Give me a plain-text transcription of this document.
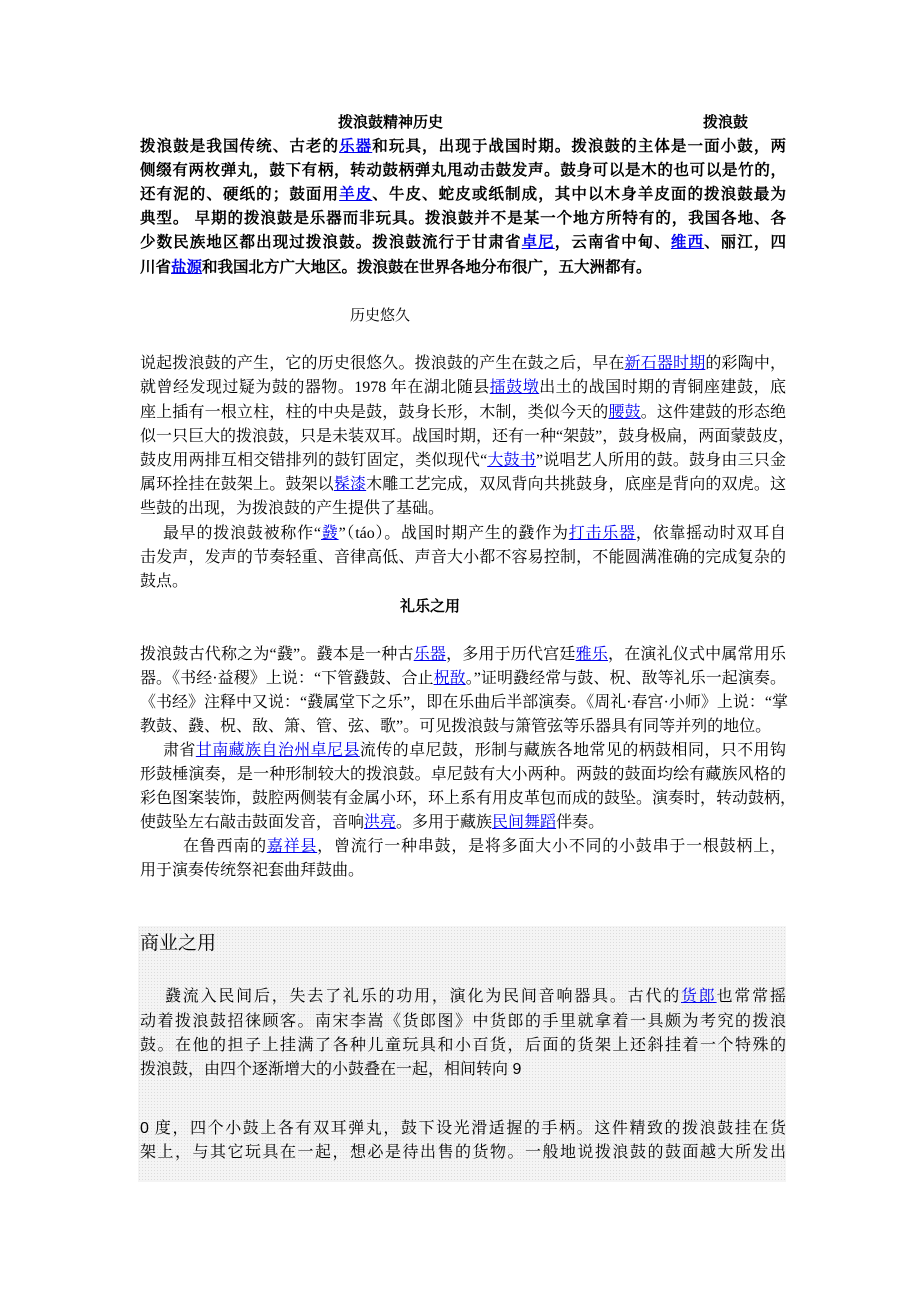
拨浪鼓精神历史	拨浪鼓
历史悠久
礼乐之用
商业之用
拨浪鼓是我国传统、古老的乐器和玩具，出现于战国时期。拨浪鼓的主体是一面小鼓，两
侧缀有两枚弹丸，鼓下有柄，转动鼓柄弹丸甩动击鼓发声。鼓身可以是木的也可以是竹的，
还有泥的、硬纸的；鼓面用羊皮、牛皮、蛇皮或纸制成，其中以木身羊皮面的拨浪鼓最为
典型。 早期的拨浪鼓是乐器而非玩具。拨浪鼓并不是某一个地方所特有的，我国各地、各
少数民族地区都出现过拨浪鼓。拨浪鼓流行于甘肃省卓尼，云南省中甸、维西、丽江，四
川省盐源和我国北方广大地区。拨浪鼓在世界各地分布很广，五大洲都有。
说起拨浪鼓的产生，它的历史很悠久。拨浪鼓的产生在鼓之后，早在新石器时期的彩陶中，
就曾经发现过疑为鼓的器物。1978 年在湖北随县擂鼓墩出土的战国时期的青铜座建鼓，底
座上插有一根立柱，柱的中央是鼓，鼓身长形，木制，类似今天的腰鼓。这件建鼓的形态绝
似一只巨大的拨浪鼓，只是未装双耳。战国时期，还有一种“架鼓”，鼓身极扁，两面蒙鼓皮，
鼓皮用两排互相交错排列的鼓钉固定，类似现代“大鼓书”说唱艺人所用的鼓。鼓身由三只金
属环拴挂在鼓架上。鼓架以髹漆木雕工艺完成，双凤背向共挑鼓身，底座是背向的双虎。这
些鼓的出现，为拨浪鼓的产生提供了基础。
最早的拨浪鼓被称作“鼗”（táo）。战国时期产生的鼗作为打击乐器，依靠摇动时双耳自
击发声，发声的节奏轻重、音律高低、声音大小都不容易控制，不能圆满准确的完成复杂的
鼓点。
拨浪鼓古代称之为“鼗”。鼗本是一种古乐器，多用于历代宫廷雅乐，在演礼仪式中属常用乐
器。《书经·益稷》上说：“下管鼗鼓、合止柷敔。”证明鼗经常与鼓、柷、敔等礼乐一起演奏。
《书经》注释中又说：“鼗属堂下之乐”，即在乐曲后半部演奏。《周礼·春宫·小师》上说：“掌
教鼓、鼗、柷、敔、箫、管、弦、歌”。可见拨浪鼓与箫管弦等乐器具有同等并列的地位。
肃省甘南藏族自治州卓尼县流传的卓尼鼓，形制与藏族各地常见的柄鼓相同，只不用钩
形鼓棰演奏，是一种形制较大的拨浪鼓。卓尼鼓有大小两种。两鼓的鼓面均绘有藏族风格的
彩色图案装饰，鼓腔两侧装有金属小环，环上系有用皮革包而成的鼓坠。演奏时，转动鼓柄，
使鼓坠左右敲击鼓面发音，音响洪亮。多用于藏族民间舞蹈伴奏。
在鲁西南的嘉祥县，曾流行一种串鼓，是将多面大小不同的小鼓串于一根鼓柄上，
用于演奏传统祭祀套曲拜鼓曲。
鼗流入民间后，失去了礼乐的功用，演化为民间音响器具。古代的货郎也常常摇
动着拨浪鼓招徕顾客。南宋李嵩《货郎图》中货郎的手里就拿着一具颇为考究的拨浪
鼓。在他的担子上挂满了各种儿童玩具和小百货，后面的货架上还斜挂着一个特殊的
拨浪鼓，由四个逐渐增大的小鼓叠在一起，相间转向 9
0 度，四个小鼓上各有双耳弹丸，鼓下设光滑适握的手柄。这件精致的拨浪鼓挂在货
架上，与其它玩具在一起，想必是待出售的货物。一般地说拨浪鼓的鼓面越大所发出
